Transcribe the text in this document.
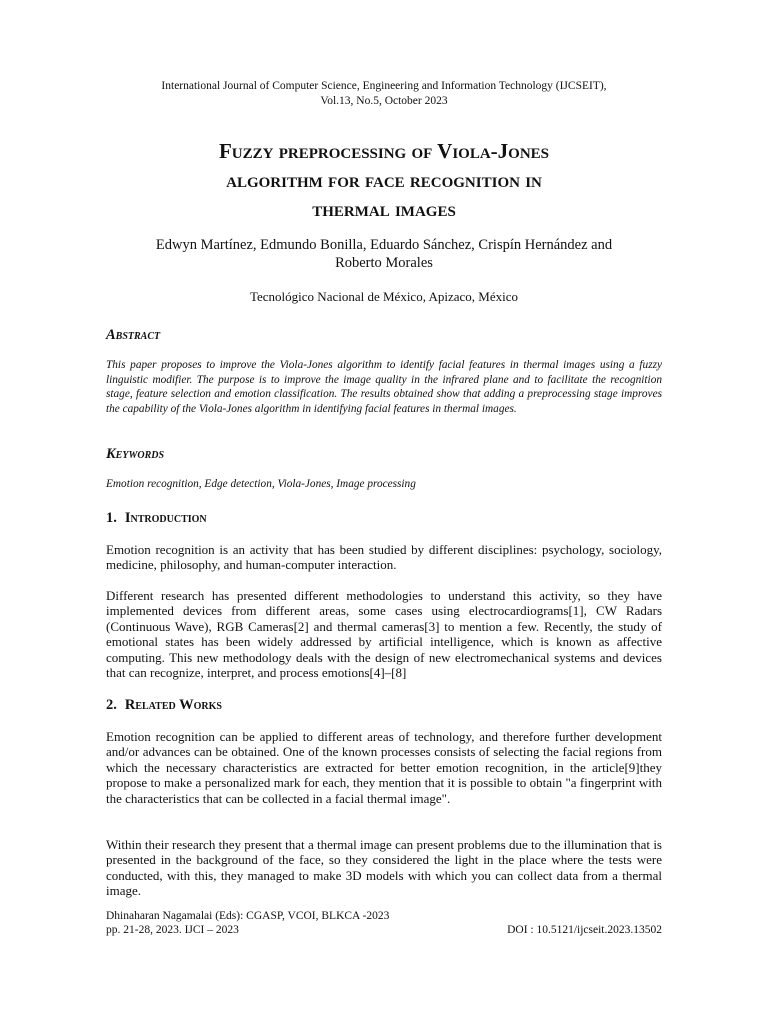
International Journal of Computer Science, Engineering and Information Technology (IJCSEIT),
Vol.13, No.5, October 2023
Fuzzy preprocessing of Viola-Jones
algorithm for face recognition in
thermal images
Edwyn Martínez, Edmundo Bonilla, Eduardo Sánchez, Crispín Hernández and
Roberto Morales
Tecnológico Nacional de México, Apizaco, México
Abstract
This paper proposes to improve the Viola-Jones algorithm to identify facial features in thermal images using a fuzzy linguistic modifier. The purpose is to improve the image quality in the infrared plane and to facilitate the recognition stage, feature selection and emotion classification. The results obtained show that adding a preprocessing stage improves the capability of the Viola-Jones algorithm in identifying facial features in thermal images.
Keywords
Emotion recognition, Edge detection, Viola-Jones, Image processing
1. Introduction
Emotion recognition is an activity that has been studied by different disciplines: psychology, sociology, medicine, philosophy, and human-computer interaction.
Different research has presented different methodologies to understand this activity, so they have implemented devices from different areas, some cases using electrocardiograms[1], CW Radars (Continuous Wave), RGB Cameras[2] and thermal cameras[3] to mention a few. Recently, the study of emotional states has been widely addressed by artificial intelligence, which is known as affective computing. This new methodology deals with the design of new electromechanical systems and devices that can recognize, interpret, and process emotions[4]–[8]
2. Related Works
Emotion recognition can be applied to different areas of technology, and therefore further development and/or advances can be obtained. One of the known processes consists of selecting the facial regions from which the necessary characteristics are extracted for better emotion recognition, in the article[9]they propose to make a personalized mark for each, they mention that it is possible to obtain "a fingerprint with the characteristics that can be collected in a facial thermal image".
Within their research they present that a thermal image can present problems due to the illumination that is presented in the background of the face, so they considered the light in the place where the tests were conducted, with this, they managed to make 3D models with which you can collect data from a thermal image.
Dhinaharan Nagamalai (Eds): CGASP, VCOI, BLKCA -2023
pp. 21-28, 2023. IJCI – 2023	DOI : 10.5121/ijcseit.2023.13502
